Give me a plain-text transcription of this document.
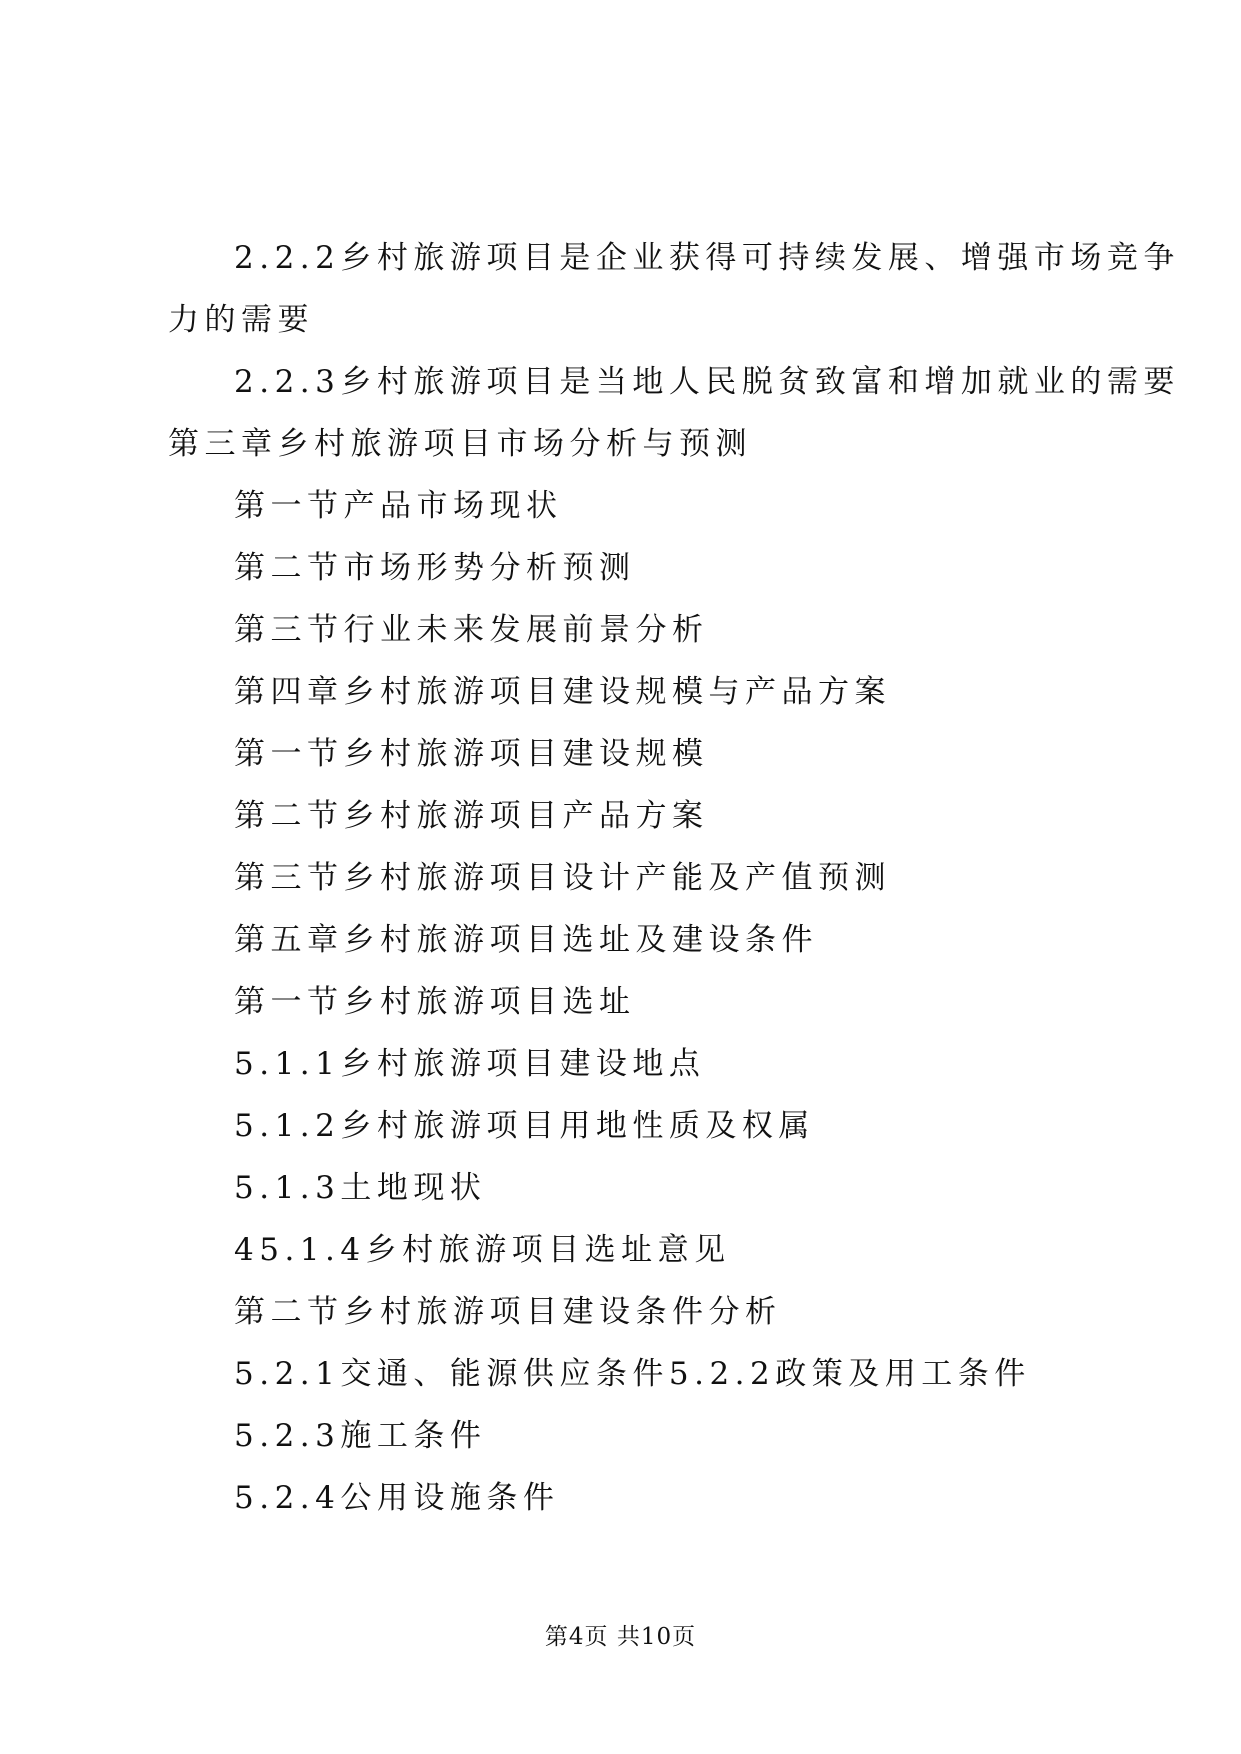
2.2.2乡村旅游项目是企业获得可持续发展、增强市场竞争
力的需要
2.2.3乡村旅游项目是当地人民脱贫致富和增加就业的需要
第三章乡村旅游项目市场分析与预测
第一节产品市场现状
第二节市场形势分析预测
第三节行业未来发展前景分析
第四章乡村旅游项目建设规模与产品方案
第一节乡村旅游项目建设规模
第二节乡村旅游项目产品方案
第三节乡村旅游项目设计产能及产值预测
第五章乡村旅游项目选址及建设条件
第一节乡村旅游项目选址
5.1.1乡村旅游项目建设地点
5.1.2乡村旅游项目用地性质及权属
5.1.3土地现状
45.1.4乡村旅游项目选址意见
第二节乡村旅游项目建设条件分析
5.2.1交通、能源供应条件5.2.2政策及用工条件
5.2.3施工条件
5.2.4公用设施条件
第4页 共10页
